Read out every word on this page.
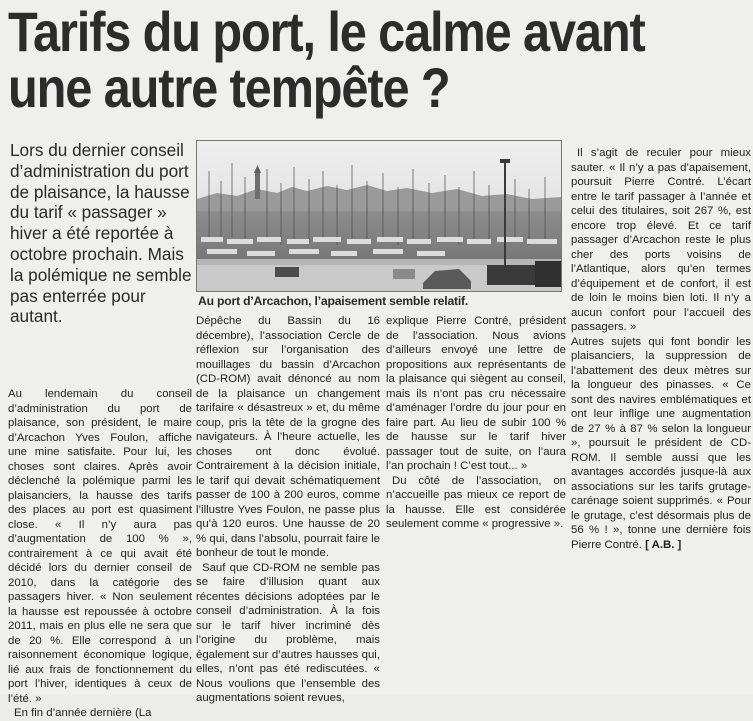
Tarifs du port, le calme avant
une autre tempête ?
Lors du dernier conseil d’administration du port de plaisance, la hausse du tarif « passager » hiver a été reportée à octobre prochain. Mais la polémique ne semble pas enterrée pour autant.
Au port d’Arcachon, l’apaisement semble relatif.

Au lendemain du conseil d’administration du port de plaisance, son président, le maire d’Arcachon Yves Foulon, affiche une mine satisfaite. Pour lui, les choses sont claires. Après avoir déclenché la polémique parmi les plaisanciers, la hausse des tarifs des places au port est quasiment close. « Il n’y aura pas d’augmentation de 100 % », contrairement à ce qui avait été décidé lors du dernier conseil de 2010, dans la catégorie des passagers hiver. « Non seulement la hausse est repoussée à octobre 2011, mais en plus elle ne sera que de 20 %. Elle correspond à un raisonnement économique logique, lié aux frais de fonctionnement du port l’hiver, identiques à ceux de l’été. »

En fin d’année dernière (La

Dépêche du Bassin du 16 décembre), l’association Cercle de réflexion sur l’organisation des mouillages du bassin d’Arcachon (CD-ROM) avait dénoncé au nom de la plaisance un changement tarifaire « désastreux » et, du même coup, pris la tête de la grogne des navigateurs. À l’heure actuelle, les choses ont donc évolué. Contrairement à la décision initiale, le tarif qui devait schématiquement passer de 100 à 200 euros, comme l’illustre Yves Foulon, ne passe plus qu’à 120 euros. Une hausse de 20 % qui, dans l’absolu, pourrait faire le bonheur de tout le monde.

Sauf que CD-ROM ne semble pas se faire d’illusion quant aux récentes décisions adoptées par le conseil d’administration. À la fois sur le tarif hiver incriminé dès l’origine du problème, mais également sur d’autres hausses qui, elles, n’ont pas été rediscutées. « Nous voulions que l’ensemble des augmentations soient revues,

explique Pierre Contré, président de l’association. Nous avions d’ailleurs envoyé une lettre de propositions aux représentants de la plaisance qui siègent au conseil, mais ils n’ont pas cru nécessaire d’aménager l’ordre du jour pour en faire part. Au lieu de subir 100 % de hausse sur le tarif hiver passager tout de suite, on l’aura l’an prochain ! C’est tout... »

Du côté de l’association, on n’accueille pas mieux ce report de la hausse. Elle est considérée seulement comme « progressive ».

Il s’agit de reculer pour mieux sauter. « Il n’y a pas d’apaisement, poursuit Pierre Contré. L’écart entre le tarif passager à l’année et celui des titulaires, soit 267 %, est encore trop élevé. Et ce tarif passager d’Arcachon reste le plus cher des ports voisins de l’Atlantique, alors qu’en termes d’équipement et de confort, il est de loin le moins bien loti. Il n’y a aucun confort pour l’accueil des passagers. »

Autres sujets qui font bondir les plaisanciers, la suppression de l’abattement des deux mètres sur la longueur des pinasses. « Ce sont des navires emblématiques et ont leur inflige une augmentation de 27 % à 87 % selon la longueur », poursuit le président de CD-ROM. Il semble aussi que les avantages accordés jusque-là aux associations sur les tarifs grutage-carénage soient supprimés. « Pour le grutage, c’est désormais plus de 56 % ! », tonne une dernière fois Pierre Contré. [ A.B. ]
